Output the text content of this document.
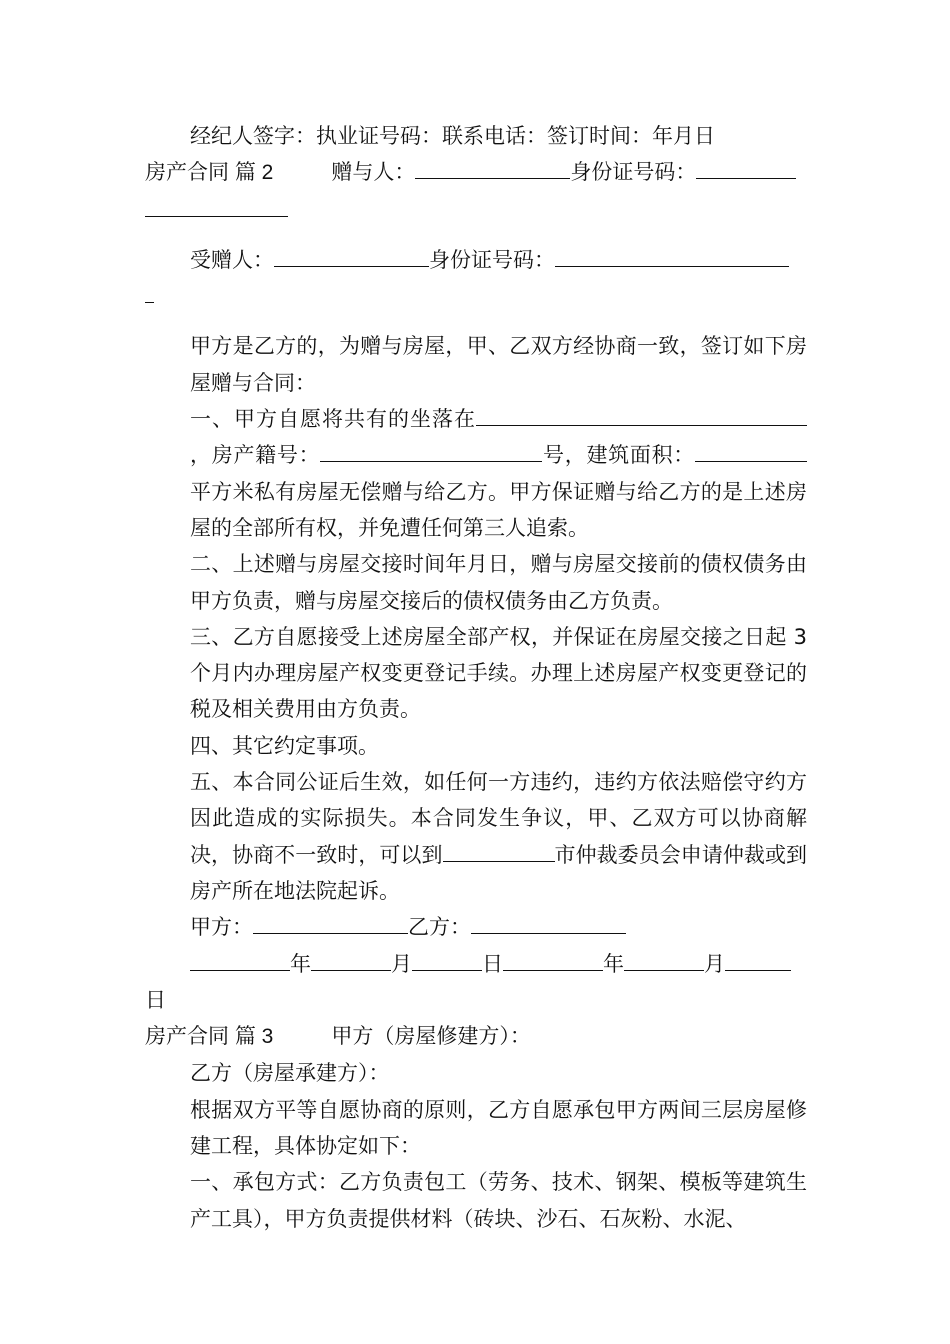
经纪人签字：执业证号码：联系电话：签订时间：年月日

房产合同 篇 2	赠与人：	身份证号码：

受赠人：	身份证号码：

甲方是乙方的，为赠与房屋，甲、乙双方经协商一致，签订如下房屋赠与合同：

一、甲方自愿将共有的坐落在，房产籍号：	号，建筑面积：平方米私有房屋无偿赠与给乙方。甲方保证赠与给乙方的是上述房屋的全部所有权，并免遭任何第三人追索。

二、上述赠与房屋交接时间年月日，赠与房屋交接前的债权债务由甲方负责，赠与房屋交接后的债权债务由乙方负责。

三、乙方自愿接受上述房屋全部产权，并保证在房屋交接之日起 3 个月内办理房屋产权变更登记手续。办理上述房屋产权变更登记的税及相关费用由方负责。

四、其它约定事项。

五、本合同公证后生效，如任何一方违约，违约方依法赔偿守约方因此造成的实际损失。本合同发生争议，甲、乙双方可以协商解决，协商不一致时，可以到	市仲裁委员会申请仲裁或到房产所在地法院起诉。

甲方：	乙方：

年	月	日	年	月

日

房产合同 篇 3	甲方（房屋修建方）：

乙方（房屋承建方）：

根据双方平等自愿协商的原则，乙方自愿承包甲方两间三层房屋修建工程，具体协定如下：

一、承包方式：乙方负责包工（劳务、技术、钢架、模板等建筑生产工具），甲方负责提供材料（砖块、沙石、石灰粉、水泥、
